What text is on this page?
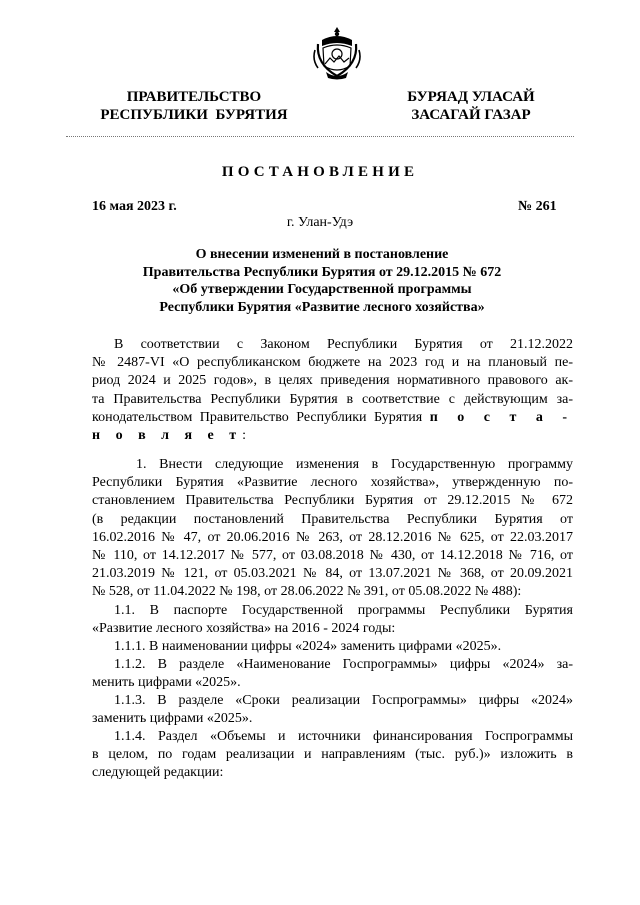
ПРАВИТЕЛЬСТВО
РЕСПУБЛИКИ  БУРЯТИЯ
БУРЯАД УЛАСАЙ
ЗАСАГАЙ ГАЗАР
ПОСТАНОВЛЕНИЕ
16 мая 2023 г.	№ 261
г. Улан-Удэ
О внесении изменений в постановление
Правительства Республики Бурятия от 29.12.2015 № 672
«Об утверждении Государственной программы
Республики Бурятия «Развитие лесного хозяйства»
В соответствии с Законом Республики Бурятия от 21.12.2022
№ 2487-VI «О республиканском бюджете на 2023 год и на плановый пе-
риод 2024 и 2025 годов», в целях приведения нормативного правового ак-
та Правительства Республики Бурятия в соответствие с действующим за-
конодательством Правительство Республики Бурятия п о с т а -
н о в л я е т:
1. Внести следующие изменения в Государственную программу
Республики Бурятия «Развитие лесного хозяйства», утвержденную по-
становлением Правительства Республики Бурятия от 29.12.2015 № 672
(в редакции постановлений Правительства Республики Бурятия от
16.02.2016 № 47, от 20.06.2016 № 263, от 28.12.2016 № 625, от 22.03.2017
№ 110, от 14.12.2017 № 577, от 03.08.2018 № 430, от 14.12.2018 № 716, от
21.03.2019 № 121, от 05.03.2021 № 84, от 13.07.2021 № 368, от 20.09.2021
№ 528, от 11.04.2022 № 198, от 28.06.2022 № 391, от 05.08.2022 № 488):
1.1. В паспорте Государственной программы Республики Бурятия
«Развитие лесного хозяйства» на 2016 - 2024 годы:
1.1.1. В наименовании цифры «2024» заменить цифрами «2025».
1.1.2. В разделе «Наименование Госпрограммы» цифры «2024» за-
менить цифрами «2025».
1.1.3. В разделе «Сроки реализации Госпрограммы» цифры «2024»
заменить цифрами «2025».
1.1.4. Раздел «Объемы и источники финансирования Госпрограммы
в целом, по годам реализации и направлениям (тыс. руб.)» изложить в
следующей редакции:
